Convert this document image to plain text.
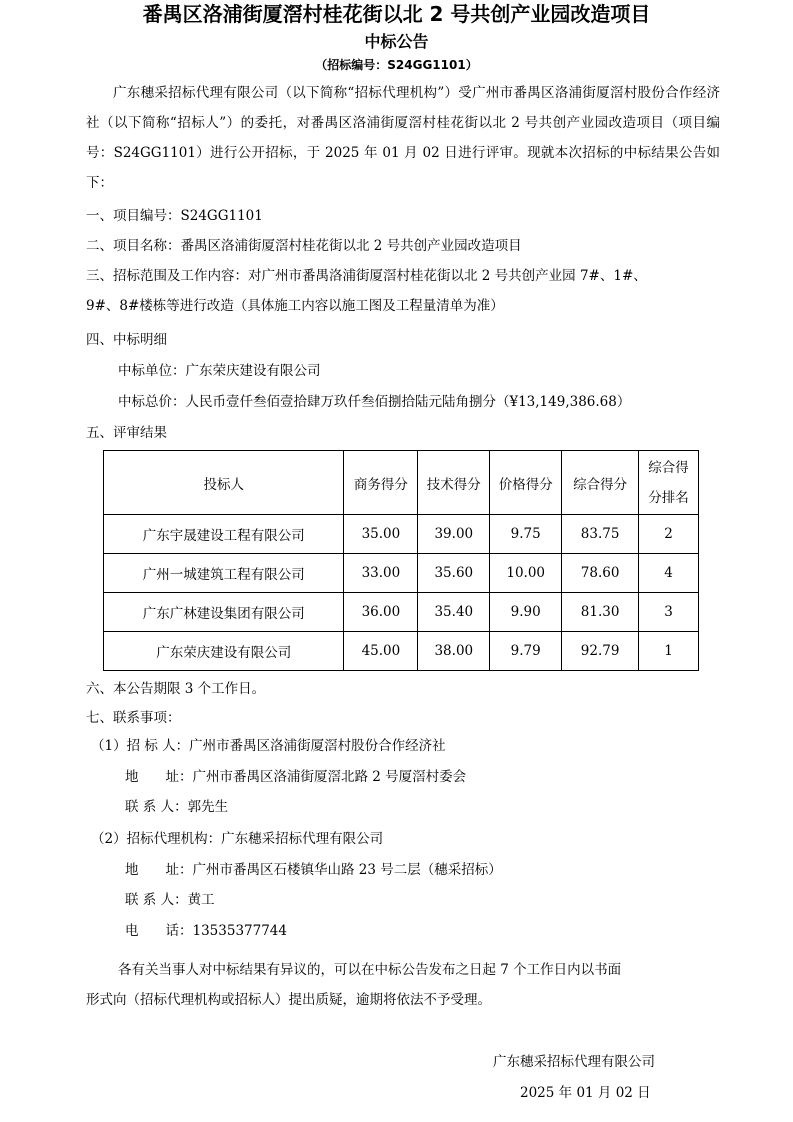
番禺区洛浦街厦滘村桂花街以北 2 号共创产业园改造项目
中标公告
（招标编号：S24GG1101）
广东穗采招标代理有限公司（以下简称“招标代理机构”）受广州市番禺区洛浦街厦滘村股份合作经济社（以下简称“招标人”）的委托，对番禺区洛浦街厦滘村桂花街以北 2 号共创产业园改造项目（项目编号：S24GG1101）进行公开招标，于 2025 年 01 月 02 日进行评审。现就本次招标的中标结果公告如下：
一、项目编号：S24GG1101
二、项目名称：番禺区洛浦街厦滘村桂花街以北 2 号共创产业园改造项目
三、招标范围及工作内容：对广州市番禺洛浦街厦滘村桂花街以北 2 号共创产业园 7#、1#、
9#、8#楼栋等进行改造（具体施工内容以施工图及工程量清单为准）
四、中标明细
中标单位：广东荣庆建设有限公司
中标总价：人民币壹仟叁佰壹拾肆万玖仟叁佰捌拾陆元陆角捌分（¥13,149,386.68）
五、评审结果
投标人	商务得分	技术得分	价格得分	综合得分	综合得
分排名

广东宇晟建设工程有限公司	35.00	39.00	9.75	83.75	2
广州一城建筑工程有限公司	33.00	35.60	10.00	78.60	4
广东广林建设集团有限公司	36.00	35.40	9.90	81.30	3
广东荣庆建设有限公司	45.00	38.00	9.79	92.79	1
六、本公告期限 3 个工作日。
七、联系事项：
（1）招 标 人：广州市番禺区洛浦街厦滘村股份合作经济社
地　　址：广州市番禺区洛浦街厦滘北路 2 号厦滘村委会
联 系 人：郭先生
（2）招标代理机构：广东穗采招标代理有限公司
地　　址：广州市番禺区石楼镇华山路 23 号二层（穗采招标）
联 系 人：黄工
电　　话：13535377744
各有关当事人对中标结果有异议的，可以在中标公告发布之日起 7 个工作日内以书面
形式向（招标代理机构或招标人）提出质疑，逾期将依法不予受理。
广东穗采招标代理有限公司
2025 年 01 月 02 日
